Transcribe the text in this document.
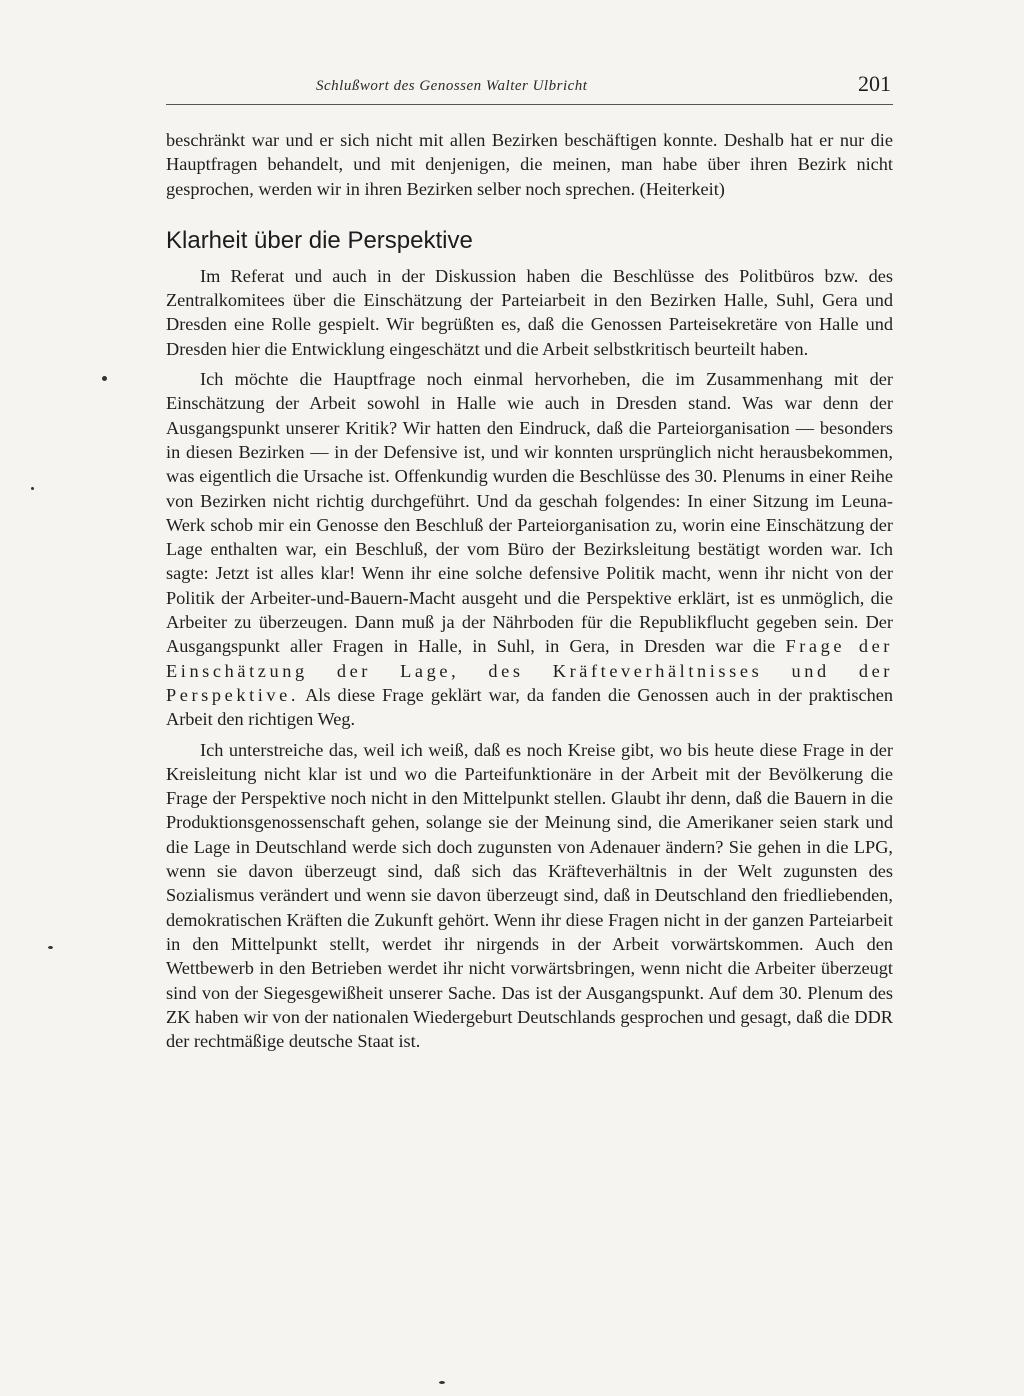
Schlußwort des Genossen Walter Ulbricht	201

beschränkt war und er sich nicht mit allen Bezirken beschäftigen konnte. Deshalb hat er nur die Hauptfragen behandelt, und mit denjenigen, die meinen, man habe über ihren Bezirk nicht gesprochen, werden wir in ihren Bezirken selber noch sprechen. (Heiterkeit)

Klarheit über die Perspektive

Im Referat und auch in der Diskussion haben die Beschlüsse des Politbüros bzw. des Zentralkomitees über die Einschätzung der Parteiarbeit in den Bezirken Halle, Suhl, Gera und Dresden eine Rolle gespielt. Wir begrüßten es, daß die Genossen Parteisekretäre von Halle und Dresden hier die Entwicklung eingeschätzt und die Arbeit selbstkritisch beurteilt haben.

Ich möchte die Hauptfrage noch einmal hervorheben, die im Zusammenhang mit der Einschätzung der Arbeit sowohl in Halle wie auch in Dresden stand. Was war denn der Ausgangspunkt unserer Kritik? Wir hatten den Eindruck, daß die Parteiorganisation — besonders in diesen Bezirken — in der Defensive ist, und wir konnten ursprünglich nicht herausbekommen, was eigentlich die Ursache ist. Offenkundig wurden die Beschlüsse des 30. Plenums in einer Reihe von Bezirken nicht richtig durchgeführt. Und da geschah folgendes: In einer Sitzung im Leuna-Werk schob mir ein Genosse den Beschluß der Parteiorganisation zu, worin eine Einschätzung der Lage enthalten war, ein Beschluß, der vom Büro der Bezirksleitung bestätigt worden war. Ich sagte: Jetzt ist alles klar! Wenn ihr eine solche defensive Politik macht, wenn ihr nicht von der Politik der Arbeiter-und-Bauern-Macht ausgeht und die Perspektive erklärt, ist es unmöglich, die Arbeiter zu überzeugen. Dann muß ja der Nährboden für die Republikflucht gegeben sein. Der Ausgangspunkt aller Fragen in Halle, in Suhl, in Gera, in Dresden war die Frage der Einschätzung der Lage, des Kräfteverhältnisses und der Perspektive. Als diese Frage geklärt war, da fanden die Genossen auch in der praktischen Arbeit den richtigen Weg.

Ich unterstreiche das, weil ich weiß, daß es noch Kreise gibt, wo bis heute diese Frage in der Kreisleitung nicht klar ist und wo die Parteifunktionäre in der Arbeit mit der Bevölkerung die Frage der Perspektive noch nicht in den Mittelpunkt stellen. Glaubt ihr denn, daß die Bauern in die Produktionsgenossenschaft gehen, solange sie der Meinung sind, die Amerikaner seien stark und die Lage in Deutschland werde sich doch zugunsten von Adenauer ändern? Sie gehen in die LPG, wenn sie davon überzeugt sind, daß sich das Kräfteverhältnis in der Welt zugunsten des Sozialismus verändert und wenn sie davon überzeugt sind, daß in Deutschland den friedliebenden, demokratischen Kräften die Zukunft gehört. Wenn ihr diese Fragen nicht in der ganzen Parteiarbeit in den Mittelpunkt stellt, werdet ihr nirgends in der Arbeit vorwärtskommen. Auch den Wettbewerb in den Betrieben werdet ihr nicht vorwärtsbringen, wenn nicht die Arbeiter überzeugt sind von der Siegesgewißheit unserer Sache. Das ist der Ausgangspunkt. Auf dem 30. Plenum des ZK haben wir von der nationalen Wiedergeburt Deutschlands gesprochen und gesagt, daß die DDR der rechtmäßige deutsche Staat ist.
